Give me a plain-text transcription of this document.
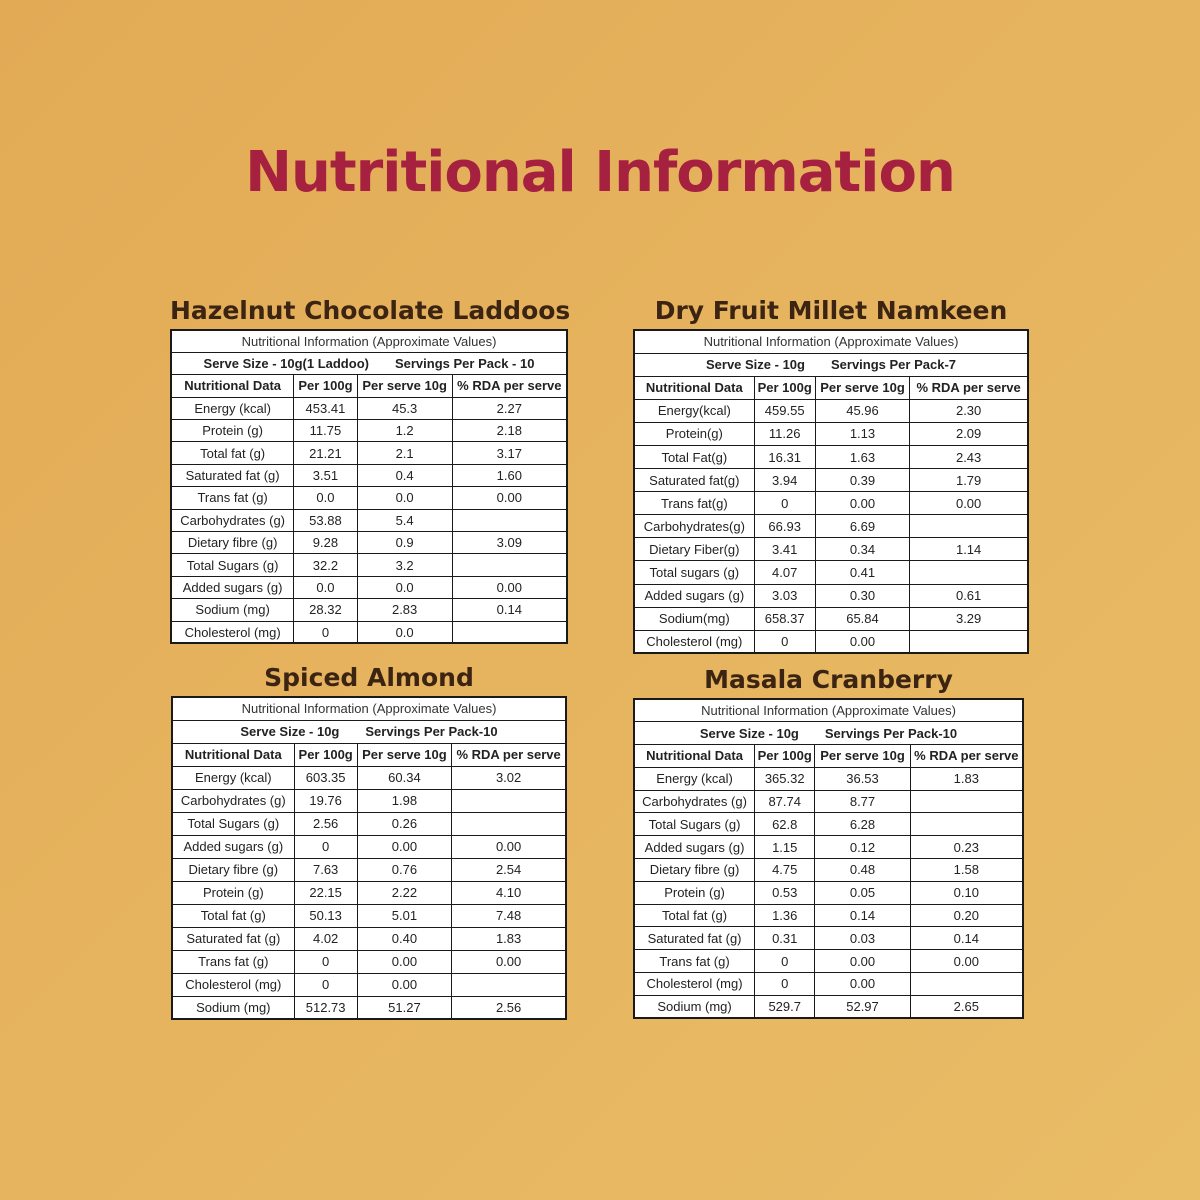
Nutritional Information
Hazelnut Chocolate Laddoos
Nutritional Information (Approximate Values)			
Serve Size - 10g(1 Laddoo) Servings Per Pack - 10			
Nutritional Data	Per 100g	Per serve 10g	% RDA per serve
Energy (kcal)	453.41	45.3	2.27
Protein (g)	11.75	1.2	2.18
Total fat (g)	21.21	2.1	3.17
Saturated fat (g)	3.51	0.4	1.60
Trans fat (g)	0.0	0.0	0.00
Carbohydrates (g)	53.88	5.4	
Dietary fibre (g)	9.28	0.9	3.09
Total Sugars (g)	32.2	3.2	
Added sugars (g)	0.0	0.0	0.00
Sodium (mg)	28.32	2.83	0.14
Cholesterol (mg)	0	0.0	
Dry Fruit Millet Namkeen
Nutritional Information (Approximate Values)			
Serve Size - 10g Servings Per Pack-7			
Nutritional Data	Per 100g	Per serve 10g	% RDA per serve
Energy(kcal)	459.55	45.96	2.30
Protein(g)	11.26	1.13	2.09
Total Fat(g)	16.31	1.63	2.43
Saturated fat(g)	3.94	0.39	1.79
Trans fat(g)	0	0.00	0.00
Carbohydrates(g)	66.93	6.69	
Dietary Fiber(g)	3.41	0.34	1.14
Total sugars (g)	4.07	0.41	
Added sugars (g)	3.03	0.30	0.61
Sodium(mg)	658.37	65.84	3.29
Cholesterol (mg)	0	0.00	
Spiced Almond
Nutritional Information (Approximate Values)			
Serve Size - 10g Servings Per Pack-10			
Nutritional Data	Per 100g	Per serve 10g	% RDA per serve
Energy (kcal)	603.35	60.34	3.02
Carbohydrates (g)	19.76	1.98	
Total Sugars (g)	2.56	0.26	
Added sugars (g)	0	0.00	0.00
Dietary fibre (g)	7.63	0.76	2.54
Protein (g)	22.15	2.22	4.10
Total fat (g)	50.13	5.01	7.48
Saturated fat (g)	4.02	0.40	1.83
Trans fat (g)	0	0.00	0.00
Cholesterol (mg)	0	0.00	
Sodium (mg)	512.73	51.27	2.56
Masala Cranberry
Nutritional Information (Approximate Values)			
Serve Size - 10g Servings Per Pack-10			
Nutritional Data	Per 100g	Per serve 10g	% RDA per serve
Energy (kcal)	365.32	36.53	1.83
Carbohydrates (g)	87.74	8.77	
Total Sugars (g)	62.8	6.28	
Added sugars (g)	1.15	0.12	0.23
Dietary fibre (g)	4.75	0.48	1.58
Protein (g)	0.53	0.05	0.10
Total fat (g)	1.36	0.14	0.20
Saturated fat (g)	0.31	0.03	0.14
Trans fat (g)	0	0.00	0.00
Cholesterol (mg)	0	0.00	
Sodium (mg)	529.7	52.97	2.65
